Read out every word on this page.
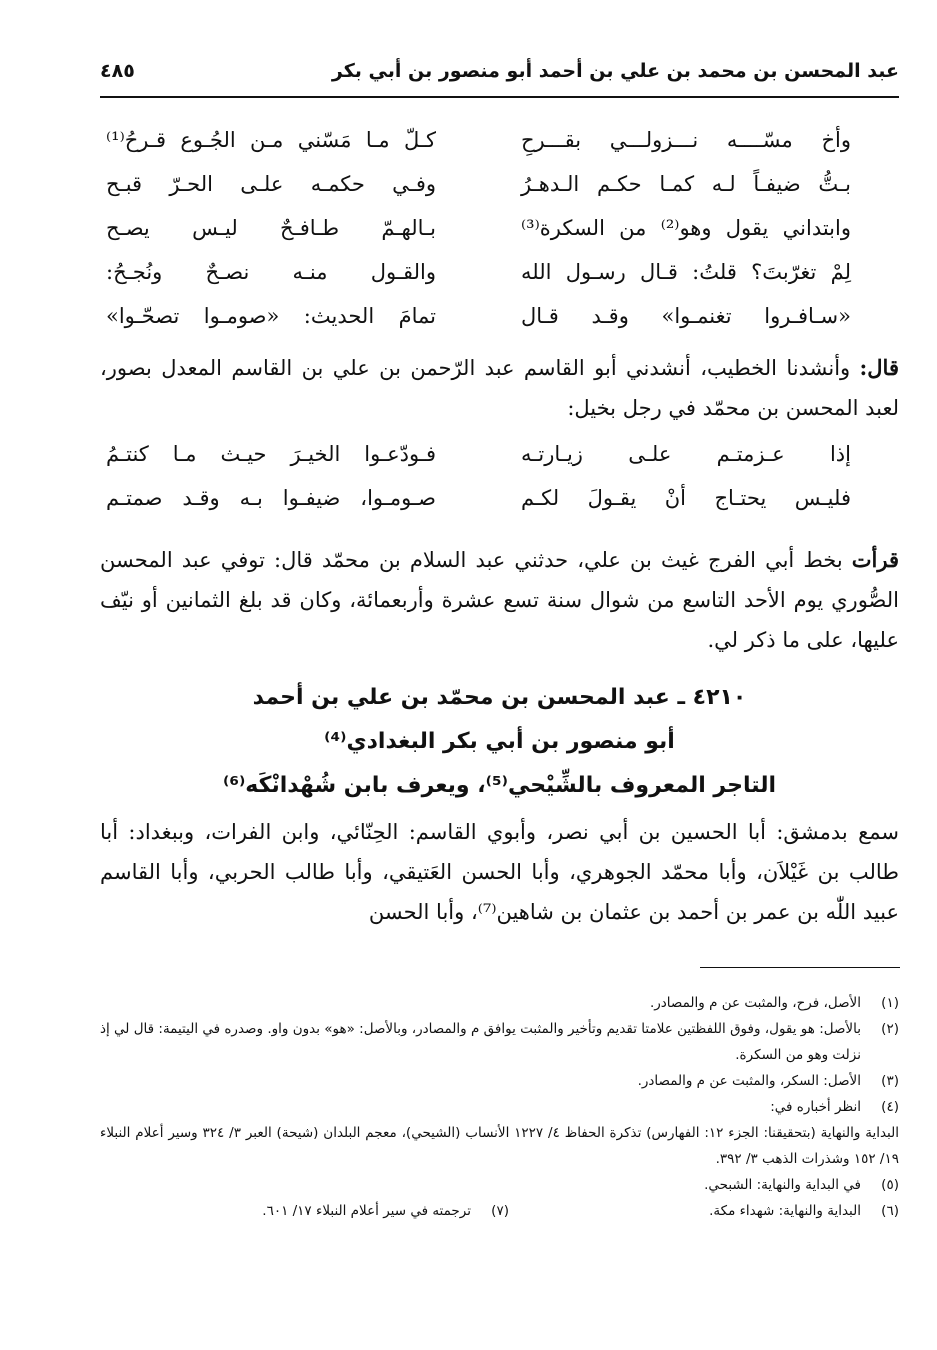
عبد المحسن بن محمد بن علي بن أحمد أبو منصور بن أبي بكر
٤٨٥
وأخ مسّــــه نـــزولـــي بقـــرحِ
كـلّ مـا مَسّني مـن الجُـوع قـرحُ⁽¹⁾
بـتُّ ضيفـاً لـه كمـا حكـم الـدهـرُ
وفـي حكمـه علـى الحـرّ قبـح
وابتداني يقول وهو⁽²⁾ من السكرة⁽³⁾
بـالهـمّ طـافـحٌ ليـس يصـح
لِمْ تغرّبتَ؟ قلتُ: قـال رسـول الله
والقـول منـه نصـحٌ ونُجـحُ:
«سـافـروا تغنمـوا» وقـد قـال
تمامَ الحديث: «صومـوا تصحّـوا»
قال: وأنشدنا الخطيب، أنشدني أبو القاسم عبد الرّحمن بن علي بن القاسم المعدل بصور، لعبد المحسن بن محمّد في رجل بخيل:
إذا عـزمتـم علـى زيـارتـه
فـودّعـوا الخيـرَ حيـث مـا كنتـمُ
فليـس يحتـاج أنْ يقـولَ لكـم
صـومـوا، ضيفـوا بـه وقـد صمتـم
قرأت بخط أبي الفرج غيث بن علي، حدثني عبد السلام بن محمّد قال: توفي عبد المحسن الصُّوري يوم الأحد التاسع من شوال سنة تسع عشرة وأربعمائة، وكان قد بلغ الثمانين أو نيّف عليها، على ما ذكر لي.
٤٢١٠ ـ عبد المحسن بن محمّد بن علي بن أحمد
أبو منصور بن أبي بكر البغدادي⁽⁴⁾
التاجر المعروف بالشِّيْحي⁽⁵⁾، ويعرف بابن شُهْدانْكَه⁽⁶⁾
سمع بدمشق: أبا الحسين بن أبي نصر، وأبوي القاسم: الحِنّائي، وابن الفرات، وببغداد: أبا طالب بن غَيْلاَن، وأبا محمّد الجوهري، وأبا الحسن العَتيقي، وأبا طالب الحربي، وأبا القاسم عبيد اللّٰه بن عمر بن أحمد بن عثمان بن شاهين⁽⁷⁾، وأبا الحسن
(١)
الأصل، فرح، والمثبت عن م والمصادر.
(٢)
بالأصل: هو يقول، وفوق اللفظتين علامتا تقديم وتأخير والمثبت يوافق م والمصادر، وبالأصل: «هو» بدون واو. وصدره في اليتيمة: قال لي إذ نزلت وهو من السكرة.
(٣)
الأصل: السكر، والمثبت عن م والمصادر.
(٤)
انظر أخباره في:
البداية والنهاية (بتحقيقنا: الجزء ١٢: الفهارس) تذكرة الحفاظ ٤/ ١٢٢٧ الأنساب (الشيحي)، معجم البلدان (شيحة) العبر ٣/ ٣٢٤ وسير أعلام النبلاء ١٩/ ١٥٢ وشذرات الذهب ٣/ ٣٩٢.
(٥)
في البداية والنهاية: الشبحي.
(٦)
البداية والنهاية: شهداء مكة.
(٧)
ترجمته في سير أعلام النبلاء ١٧/ ٦٠١.
